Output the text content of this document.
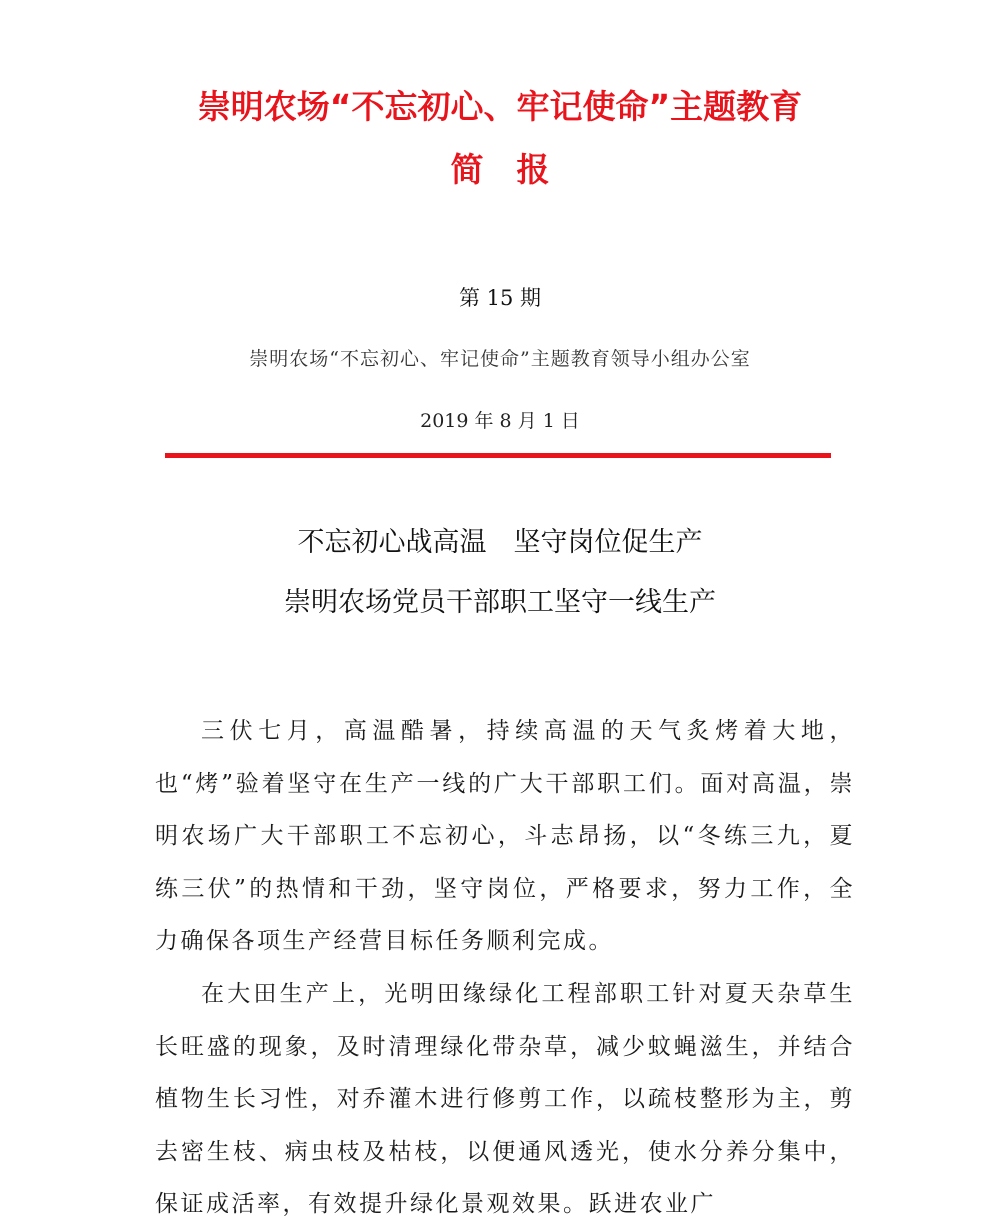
崇明农场“不忘初心、牢记使命”主题教育
简　报
第 15 期
崇明农场“不忘初心、牢记使命”主题教育领导小组办公室
2019 年 8 月 1 日
不忘初心战高温　坚守岗位促生产
崇明农场党员干部职工坚守一线生产

三伏七月，高温酷暑，持续高温的天气炙烤着大地，也“烤”验着坚守在生产一线的广大干部职工们。面对高温，崇明农场广大干部职工不忘初心，斗志昂扬，以“冬练三九，夏练三伏”的热情和干劲，坚守岗位，严格要求，努力工作，全力确保各项生产经营目标任务顺利完成。

在大田生产上，光明田缘绿化工程部职工针对夏天杂草生长旺盛的现象，及时清理绿化带杂草，减少蚊蝇滋生，并结合植物生长习性，对乔灌木进行修剪工作，以疏枝整形为主，剪去密生枝、病虫枝及枯枝，以便通风透光，使水分养分集中，保证成活率，有效提升绿化景观效果。跃进农业广
